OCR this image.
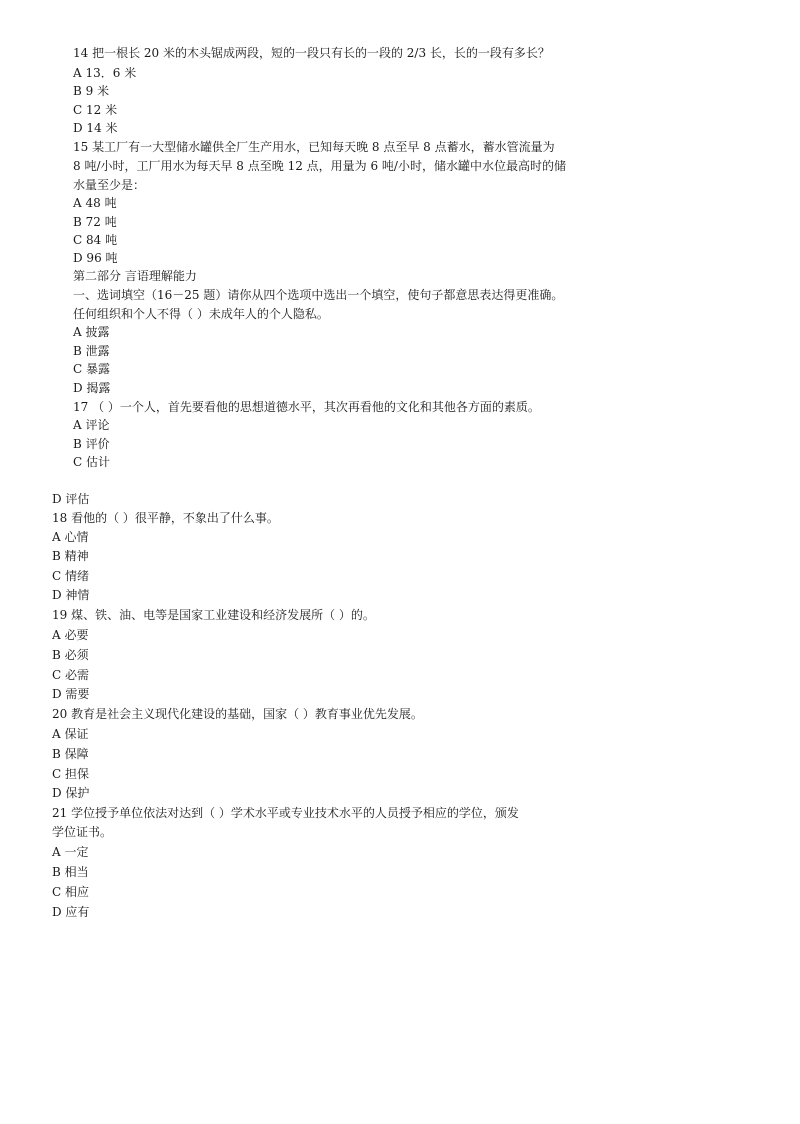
14 把一根长 20 米的木头锯成两段，短的一段只有长的一段的 2/3 长，长的一段有多长？
A 13．6 米
B 9 米
C 12 米
D 14 米
15 某工厂有一大型储水罐供全厂生产用水，已知每天晚 8 点至早 8 点蓄水，蓄水管流量为
8 吨/小时，工厂用水为每天早 8 点至晚 12 点，用量为 6 吨/小时，储水罐中水位最高时的储
水量至少是：
A 48 吨
B 72 吨
C 84 吨
D 96 吨
第二部分 言语理解能力
一、选词填空（16－25 题）请你从四个选项中选出一个填空，使句子都意思表达得更准确。
任何组织和个人不得（ ）未成年人的个人隐私。
A 披露
B 泄露
C 暴露
D 揭露
17 （ ）一个人，首先要看他的思想道德水平，其次再看他的文化和其他各方面的素质。
A 评论
B 评价
C 估计
D 评估
18 看他的（ ）很平静，不象出了什么事。
A 心情
B 精神
C 情绪
D 神情
19 煤、铁、油、电等是国家工业建设和经济发展所（ ）的。
A 必要
B 必须
C 必需
D 需要
20 教育是社会主义现代化建设的基础，国家（ ）教育事业优先发展。
A 保证
B 保障
C 担保
D 保护
21 学位授予单位依法对达到（ ）学术水平或专业技术水平的人员授予相应的学位，颁发
学位证书。
A 一定
B 相当
C 相应
D 应有
